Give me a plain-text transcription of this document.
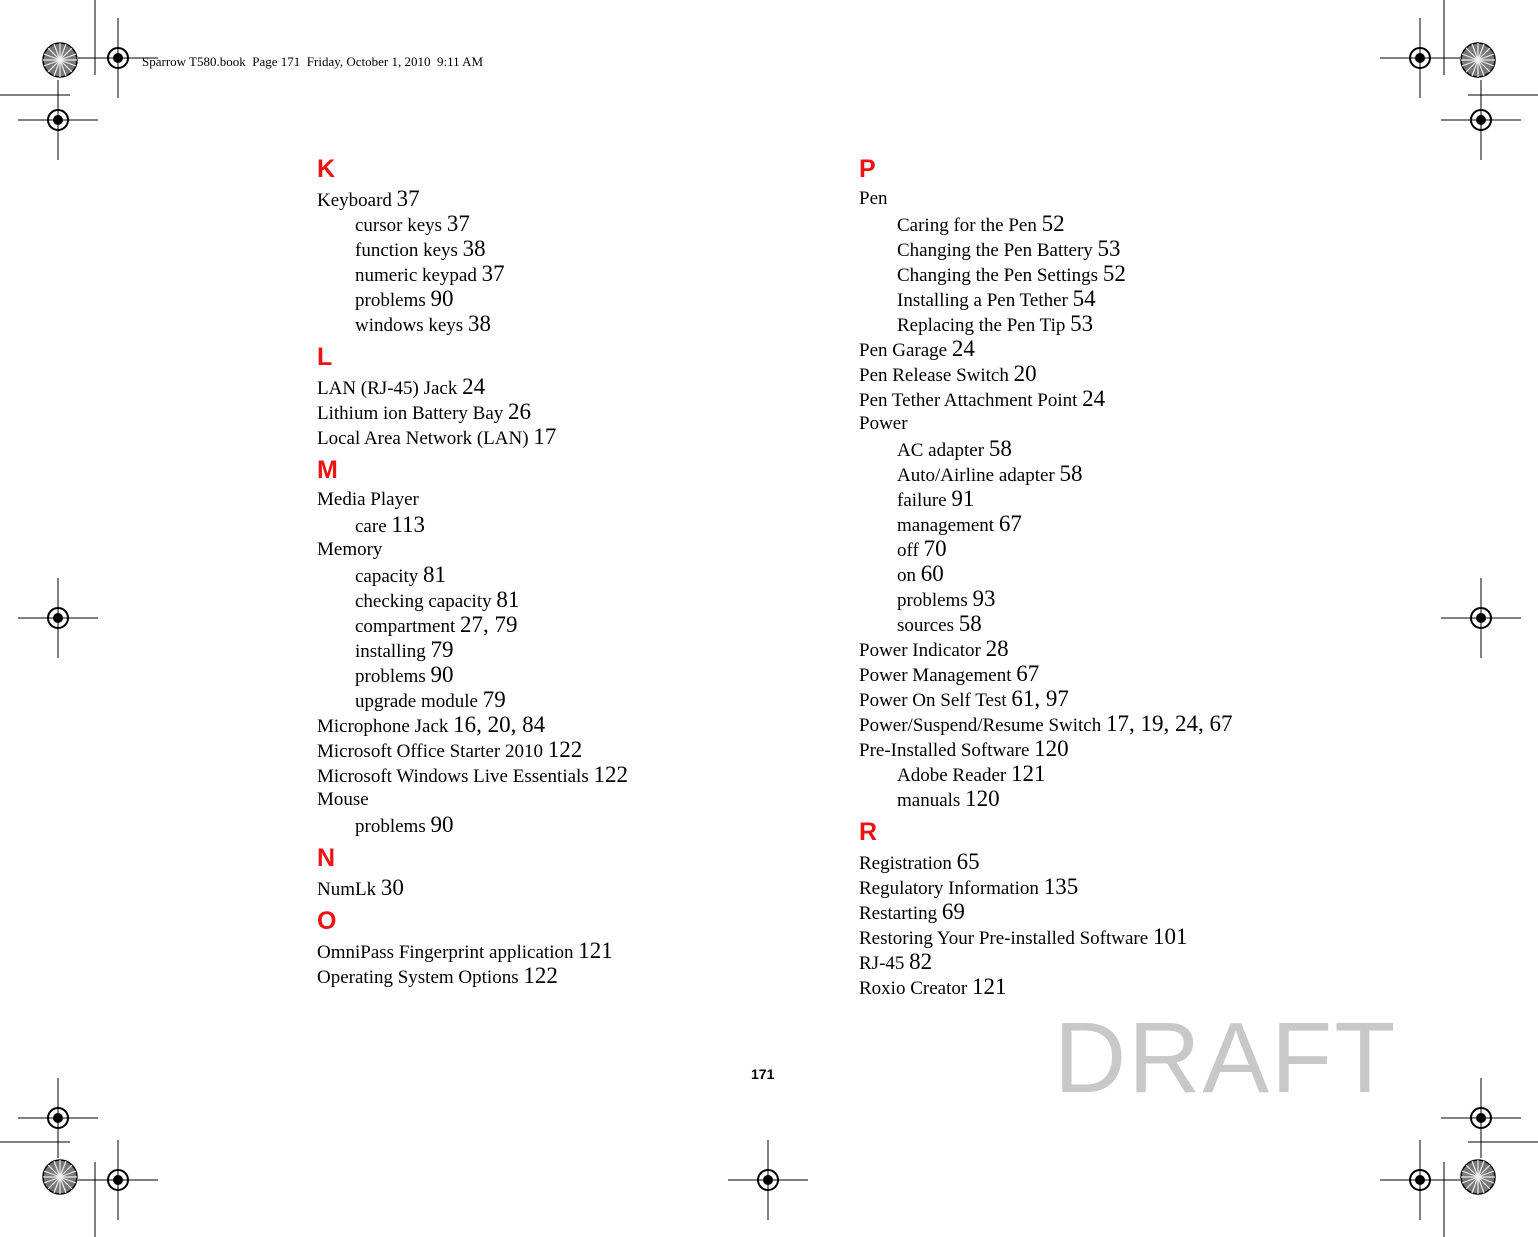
Sparrow T580.book  Page 171  Friday, October 1, 2010  9:11 AM
K
Keyboard 37
cursor keys 37
function keys 38
numeric keypad 37
problems 90
windows keys 38
L
LAN (RJ-45) Jack 24
Lithium ion Battery Bay 26
Local Area Network (LAN) 17
M
Media Player
care 113
Memory
capacity 81
checking capacity 81
compartment 27, 79
installing 79
problems 90
upgrade module 79
Microphone Jack 16, 20, 84
Microsoft Office Starter 2010 122
Microsoft Windows Live Essentials 122
Mouse
problems 90
N
NumLk 30
O
OmniPass Fingerprint application 121
Operating System Options 122
P
Pen
Caring for the Pen 52
Changing the Pen Battery 53
Changing the Pen Settings 52
Installing a Pen Tether 54
Replacing the Pen Tip 53
Pen Garage 24
Pen Release Switch 20
Pen Tether Attachment Point 24
Power
AC adapter 58
Auto/Airline adapter 58
failure 91
management 67
off 70
on 60
problems 93
sources 58
Power Indicator 28
Power Management 67
Power On Self Test 61, 97
Power/Suspend/Resume Switch 17, 19, 24, 67
Pre-Installed Software 120
Adobe Reader 121
manuals 120
R
Registration 65
Regulatory Information 135
Restarting 69
Restoring Your Pre-installed Software 101
RJ-45 82
Roxio Creator 121
171	DRAFT
